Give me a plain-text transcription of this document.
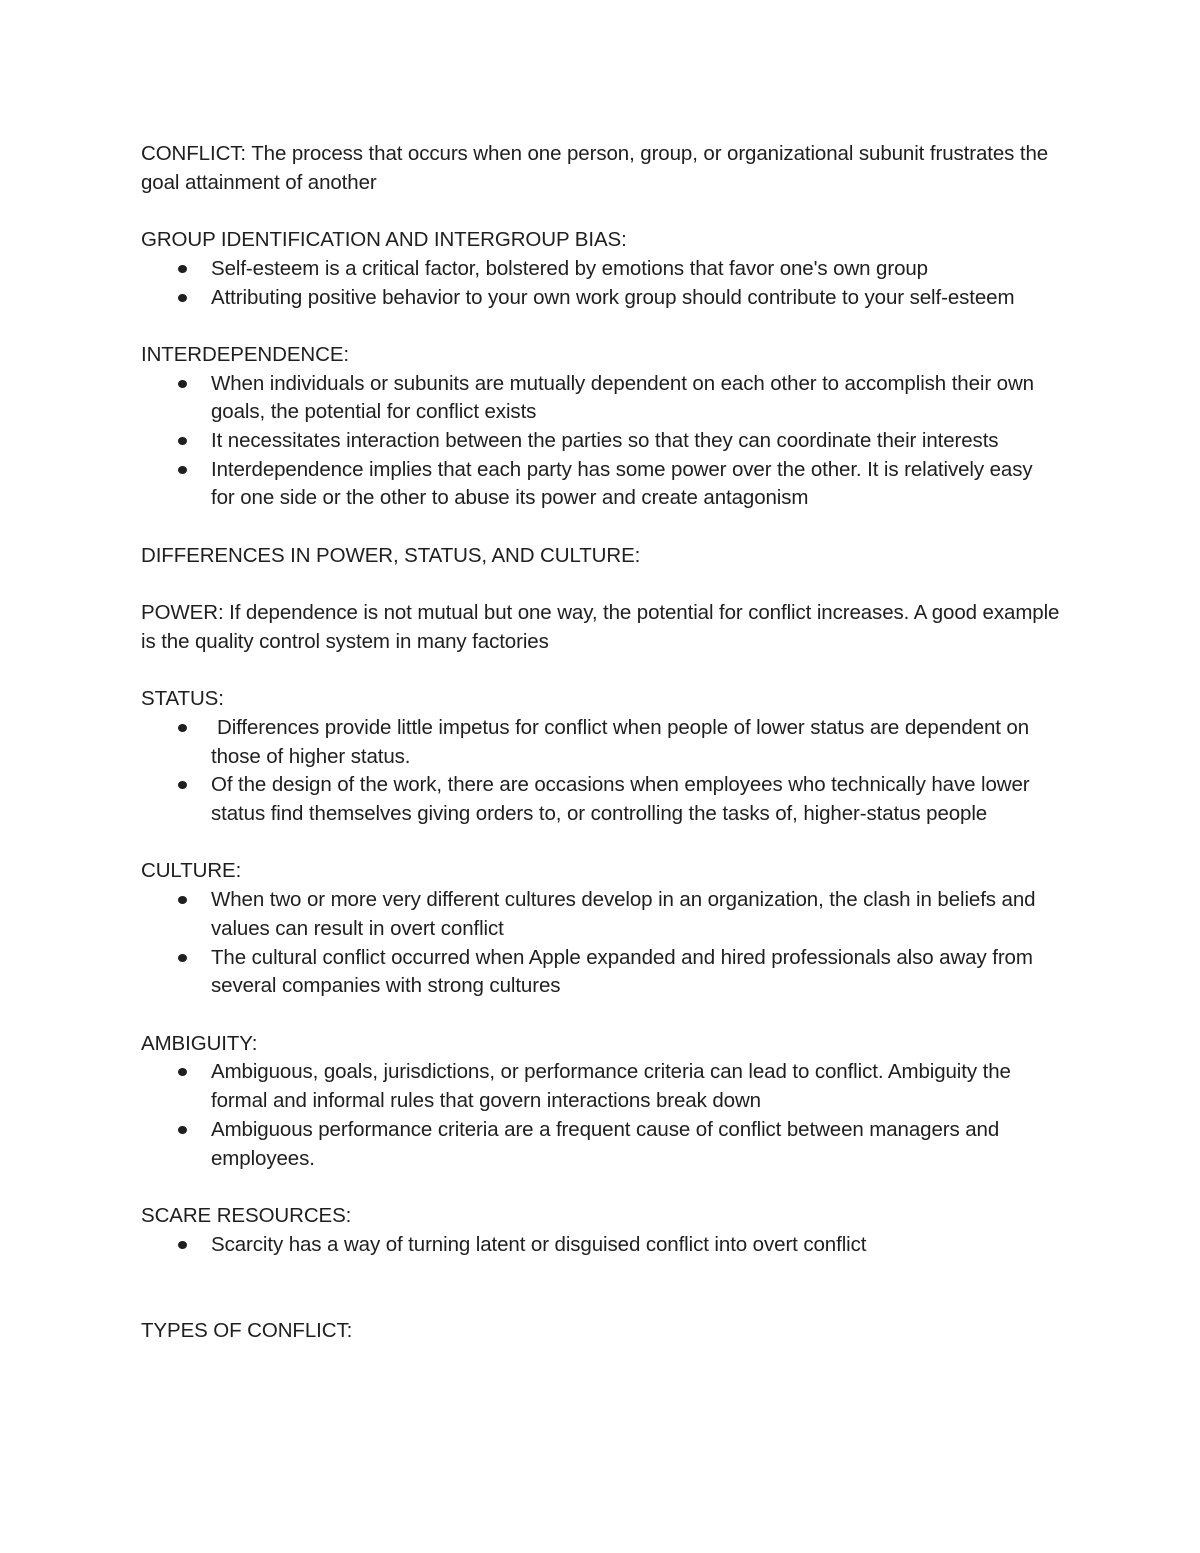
CONFLICT: The process that occurs when one person, group, or organizational subunit frustrates the goal attainment of another

GROUP IDENTIFICATION AND INTERGROUP BIAS:

Self-esteem is a critical factor, bolstered by emotions that favor one's own group
Attributing positive behavior to your own work group should contribute to your self-esteem

INTERDEPENDENCE:

When individuals or subunits are mutually dependent on each other to accomplish their own goals, the potential for conflict exists
It necessitates interaction between the parties so that they can coordinate their interests
Interdependence implies that each party has some power over the other. It is relatively easy for one side or the other to abuse its power and create antagonism

DIFFERENCES IN POWER, STATUS, AND CULTURE:

POWER: If dependence is not mutual but one way, the potential for conflict increases. A good example is the quality control system in many factories

STATUS:

Differences provide little impetus for conflict when people of lower status are dependent on those of higher status.
Of the design of the work, there are occasions when employees who technically have lower status find themselves giving orders to, or controlling the tasks of, higher-status people

CULTURE:

When two or more very different cultures develop in an organization, the clash in beliefs and values can result in overt conflict
The cultural conflict occurred when Apple expanded and hired professionals also away from several companies with strong cultures

AMBIGUITY:

Ambiguous, goals, jurisdictions, or performance criteria can lead to conflict. Ambiguity the formal and informal rules that govern interactions break down
Ambiguous performance criteria are a frequent cause of conflict between managers and employees.

SCARE RESOURCES:

Scarcity has a way of turning latent or disguised conflict into overt conflict

TYPES OF CONFLICT:
